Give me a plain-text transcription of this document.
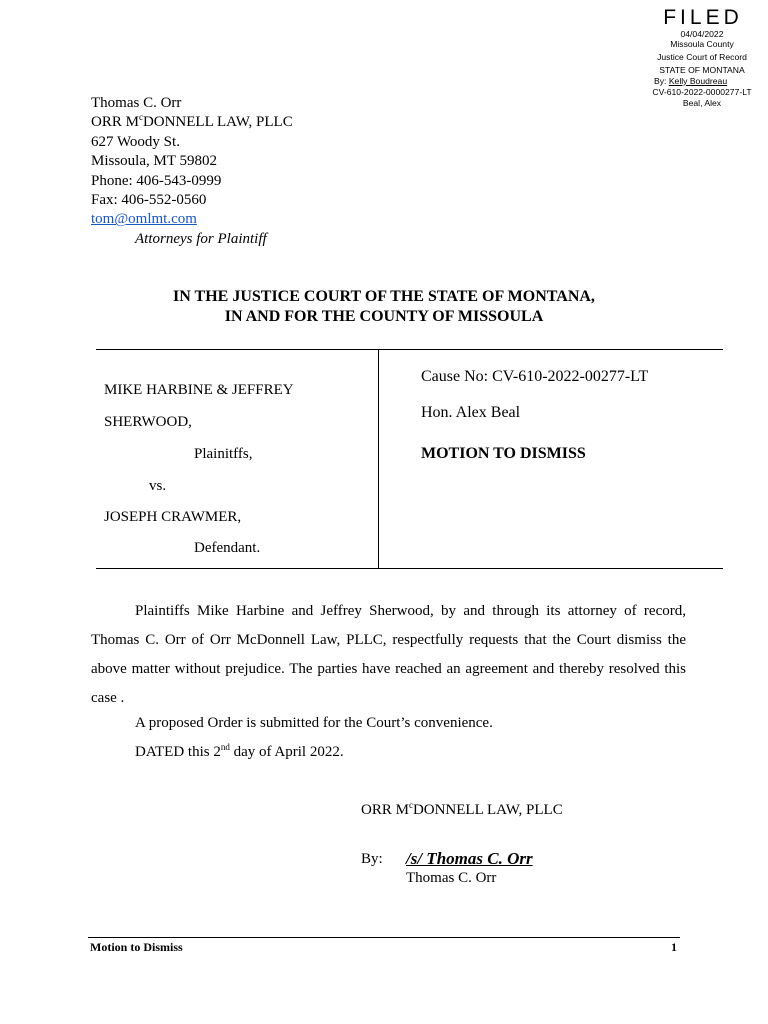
FILED
04/04/2022
Missoula County
Justice Court of Record
STATE OF MONTANA
By: Kelly Boudreau
CV-610-2022-0000277-LT
Beal, Alex
Thomas C. Orr
ORR $M^cDONNELL$ LAW, PLLC
627 Woody St.
Missoula, MT 59802
Phone: 406-543-0999
Fax: 406-552-0560
tom@omlmt.com
Attorneys for Plaintiff
IN THE JUSTICE COURT OF THE STATE OF MONTANA,
IN AND FOR THE COUNTY OF MISSOULA
MIKE HARBINE & JEFFREY
SHERWOOD,
Plainitffs,
vs.
JOSEPH CRAWMER,
Defendant.
Cause No: CV-610-2022-00277-LT
Hon. Alex Beal
MOTION TO DISMISS

Plaintiffs Mike Harbine and Jeffrey Sherwood, by and through its attorney of record, Thomas C. Orr of Orr McDonnell Law, PLLC, respectfully requests that the Court dismiss the above matter without prejudice. The parties have reached an agreement and thereby resolved this case .

A proposed Order is submitted for the Court’s convenience.
DATED this 2nd day of April 2022.
ORR $M^cDONNELL$ LAW, PLLC
By: /s/ Thomas C. Orr
Thomas C. Orr
Motion to Dismiss	1
